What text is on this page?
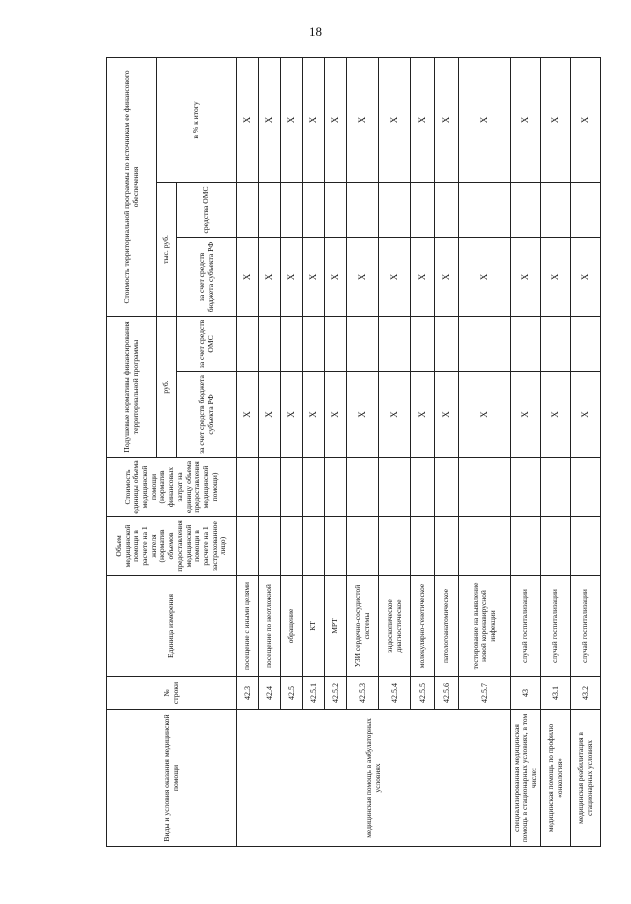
18
Виды и условия оказания медицинской помощи	№ строки	Единица измерения	Объем медицинской помощи в расчете на 1 жителя (норматив объемов предоставления медицинской помощи в расчете на 1 застрахованное лицо)	Стоимость единицы объема медицинской помощи (норматив финансовых затрат на единицу объема предоставления медицинской помощи)	Подушевые нормативы финансирования территориальной программы		Стоимость территориальной программы по источникам ее финансового обеспечения		
					руб.		тыс. руб.		в % к итогу
					за счет средств бюджета субъекта РФ	за счет средств ОМС	за счет средств бюджета субъекта РФ	средства ОМС	
медицинская помощь в амбулаторных условиях	42.3	посещение с иными целями			Х		Х		Х
	42.4	посещение по неотложной			Х		Х		Х
	42.5	обращение			Х		Х		Х
	42.5.1	КТ			Х		Х		Х
	42.5.2	МРТ			Х		Х		Х
	42.5.3	УЗИ сердечно-сосудистой системы			Х		Х		Х
	42.5.4	эндоскопическое диагностическое			Х		Х		Х
	42.5.5	молекулярно-генетическое			Х		Х		Х
	42.5.6	патологоанатомическое			Х		Х		Х
	42.5.7	тестирование на выявление новой коронавирусной инфекции			Х		Х		Х
специализированная медицинская помощь в стационарных условиях, в том числе:	43	случай госпитализации			Х		Х		Х
медицинская помощь по профилю «онкология»	43.1	случай госпитализации			Х		Х		Х
медицинская реабилитация в стационарных условиях	43.2	случай госпитализации			Х		Х		Х
